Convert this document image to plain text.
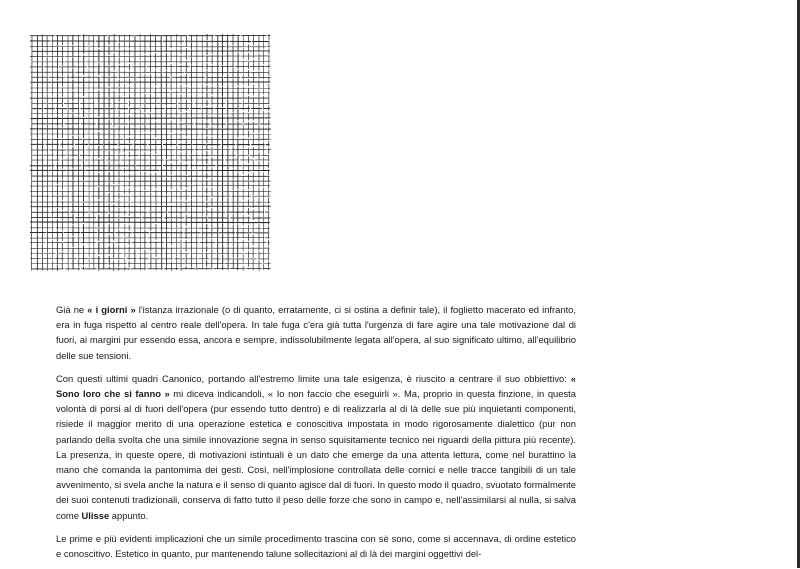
Già ne « i giorni » l'istanza irrazionale (o di quanto, erratamente, ci si ostina a definir tale), il foglietto macerato ed infranto, era in fuga rispetto al centro reale dell'opera. In tale fuga c'era già tutta l'urgenza di fare agire una tale motivazione dal di fuori, ai margini pur essendo essa, ancora e sempre, indissolubilmente legata all'opera, al suo significato ultimo, all'equilibrio delle sue tensioni.

Con questi ultimi quadri Canonico, portando all'estremo limite una tale esigenza, è riuscito a centrare il suo obbiettivo: « Sono loro che si fanno » mi diceva indicandoli, « Io non faccio che eseguirli ». Ma, proprio in questa finzione, in questa volontà di porsi al di fuori dell'opera (pur essendo tutto dentro) e di realizzarla al di là delle sue più inquietanti componenti, risiede il maggior merito di una operazione estetica e conoscitiva impostata in modo rigorosamente dialettico (pur non parlando della svolta che una simile innovazione segna in senso squisitamente tecnico nei riguardi della pittura più recente). La presenza, in queste opere, di motivazioni istintuali è un dato che emerge da una attenta lettura, come nel burattino la mano che comanda la pantomima dei gesti. Così, nell'implosione controllata delle cornici e nelle tracce tangibili di un tale avvenimento, si svela anche la natura e il senso di quanto agisce dal di fuori. In questo modo il quadro, svuotato formalmente dei suoi contenuti tradizionali, conserva di fatto tutto il peso delle forze che sono in campo e, nell'assimilarsi al nulla, si salva come Ulisse appunto.

Le prime e più evidenti implicazioni che un simile procedimento trascina con sè sono, come si accennava, di ordine estetico e conoscitivo. Estetico in quanto, pur mantenendo talune sollecitazioni al di là dei margini oggettivi del-
